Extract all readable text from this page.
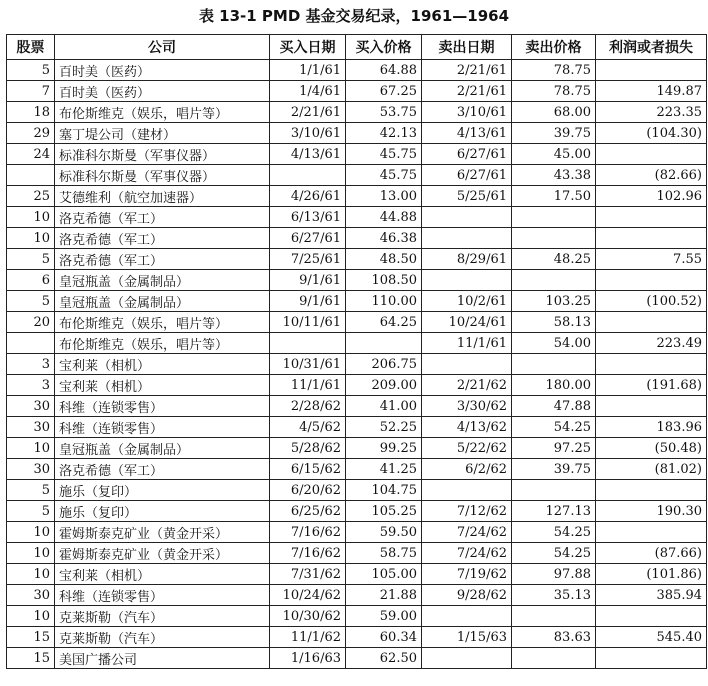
表 13-1 PMD 基金交易纪录，1961—1964
股票	公司	买入日期	买入价格	卖出日期	卖出价格	利润或者损失
5	百时美（医药）	1/1/61	64.88	2/21/61	78.75	
7	百时美（医药）	1/4/61	67.25	2/21/61	78.75	149.87
18	布伦斯维克（娱乐，唱片等）	2/21/61	53.75	3/10/61	68.00	223.35
29	塞丁堤公司（建材）	3/10/61	42.13	4/13/61	39.75	(104.30)
24	标准科尔斯曼（军事仪器）	4/13/61	45.75	6/27/61	45.00	
	标准科尔斯曼（军事仪器）		45.75	6/27/61	43.38	(82.66)
25	艾德维利（航空加速器）	4/26/61	13.00	5/25/61	17.50	102.96
10	洛克希德（军工）	6/13/61	44.88			
10	洛克希德（军工）	6/27/61	46.38			
5	洛克希德（军工）	7/25/61	48.50	8/29/61	48.25	7.55
6	皇冠瓶盖（金属制品）	9/1/61	108.50			
5	皇冠瓶盖（金属制品）	9/1/61	110.00	10/2/61	103.25	(100.52)
20	布伦斯维克（娱乐，唱片等）	10/11/61	64.25	10/24/61	58.13	
	布伦斯维克（娱乐，唱片等）			11/1/61	54.00	223.49
3	宝利莱（相机）	10/31/61	206.75			
3	宝利莱（相机）	11/1/61	209.00	2/21/62	180.00	(191.68)
30	科维（连锁零售）	2/28/62	41.00	3/30/62	47.88	
30	科维（连锁零售）	4/5/62	52.25	4/13/62	54.25	183.96
10	皇冠瓶盖（金属制品）	5/28/62	99.25	5/22/62	97.25	(50.48)
30	洛克希德（军工）	6/15/62	41.25	6/2/62	39.75	(81.02)
5	施乐（复印）	6/20/62	104.75			
5	施乐（复印）	6/25/62	105.25	7/12/62	127.13	190.30
10	霍姆斯泰克矿业（黄金开采）	7/16/62	59.50	7/24/62	54.25	
10	霍姆斯泰克矿业（黄金开采）	7/16/62	58.75	7/24/62	54.25	(87.66)
10	宝利莱（相机）	7/31/62	105.00	7/19/62	97.88	(101.86)
30	科维（连锁零售）	10/24/62	21.88	9/28/62	35.13	385.94
10	克莱斯勒（汽车）	10/30/62	59.00			
15	克莱斯勒（汽车）	11/1/62	60.34	1/15/63	83.63	545.40
15	美国广播公司	1/16/63	62.50			
